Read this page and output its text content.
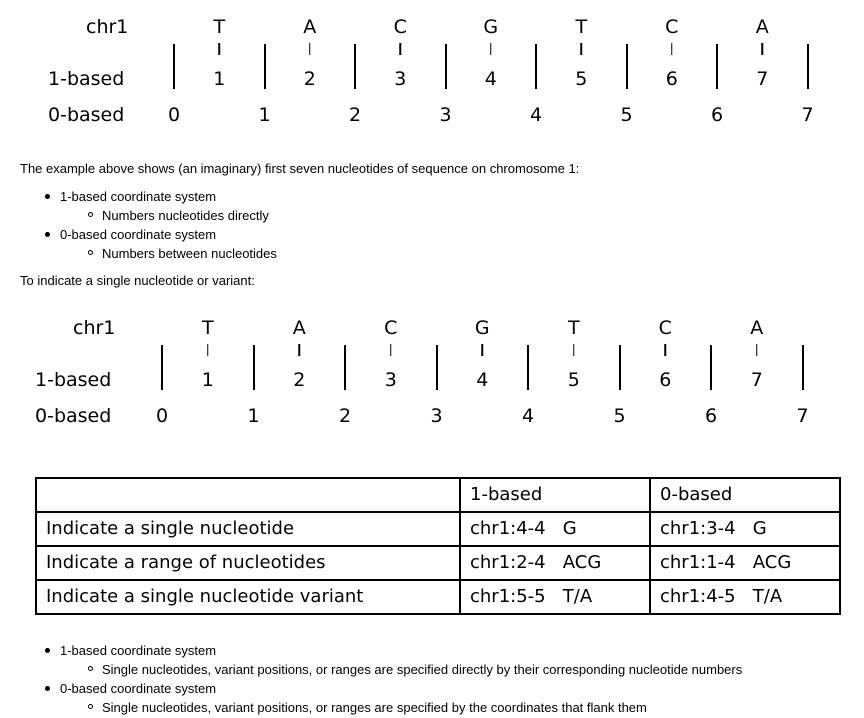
chr1
1-based
0-based 0	1	2	3	4	5	6	7
T
1
A
2
C
3
G
4
T
5
C
6
A
7
The example above shows (an imaginary) first seven nucleotides of sequence on chromosome 1:
1-based coordinate system
Numbers nucleotides directly
0-based coordinate system
Numbers between nucleotides
To indicate a single nucleotide or variant:
chr1
1-based
0-based 0	1	2	3	4	5	6	7
T
1
A
2
C
3
G
4
T
5
C
6
A
7
	1-based	0-based
Indicate a single nucleotide	chr1:4-4   G	chr1:3-4   G
Indicate a range of nucleotides	chr1:2-4   ACG	chr1:1-4   ACG
Indicate a single nucleotide variant	chr1:5-5   T/A	chr1:4-5   T/A
1-based coordinate system
Single nucleotides, variant positions, or ranges are specified directly by their corresponding nucleotide numbers
0-based coordinate system
Single nucleotides, variant positions, or ranges are specified by the coordinates that flank them
